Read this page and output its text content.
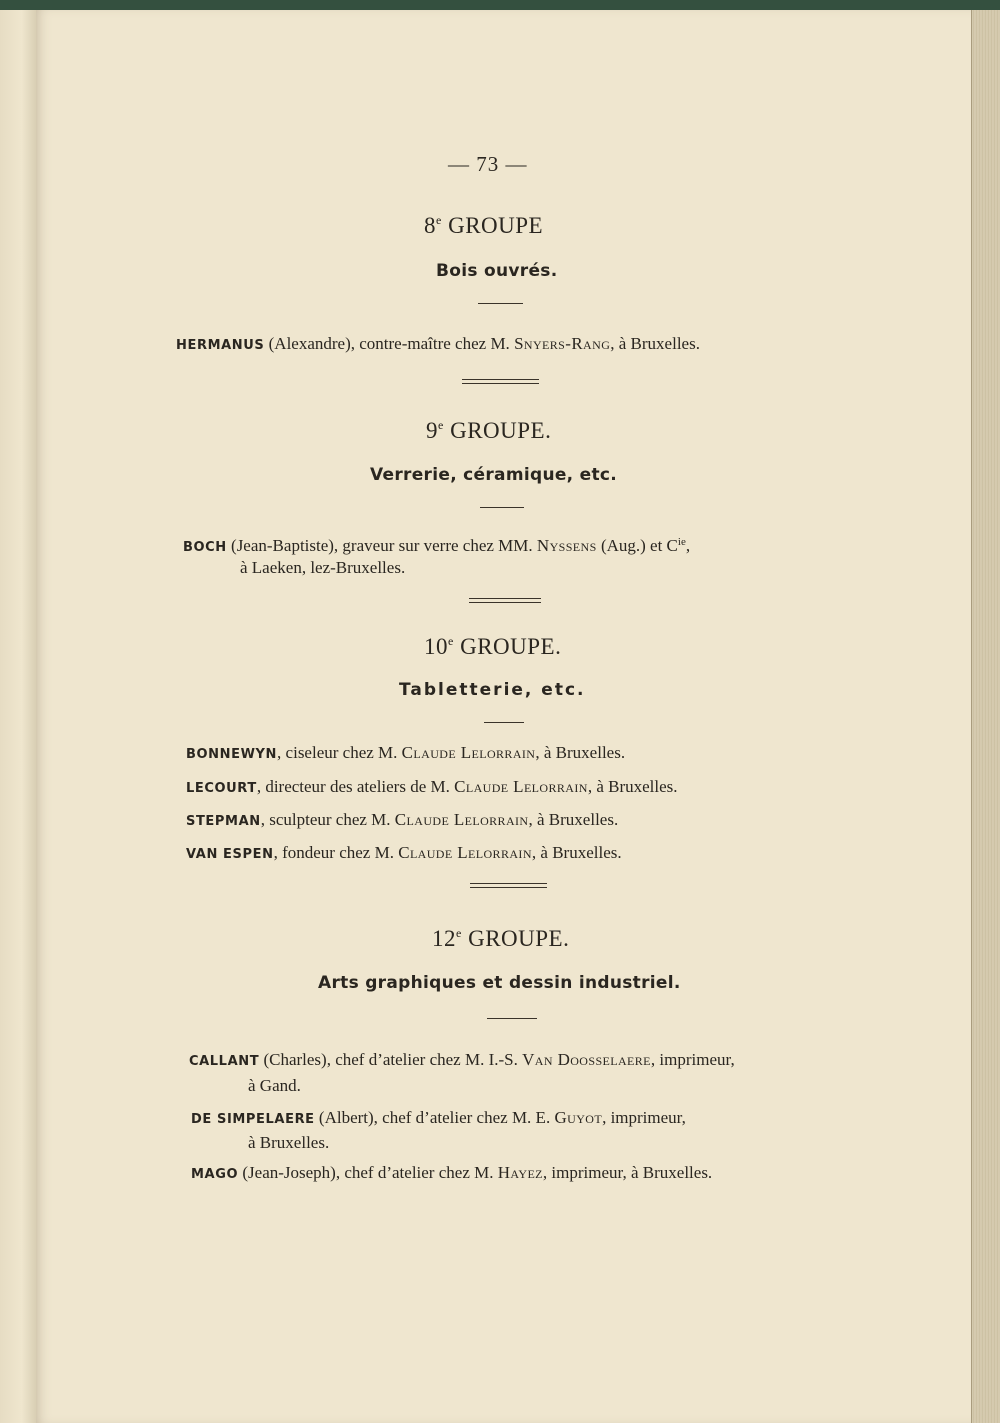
— 73 —
8e GROUPE
Bois ouvrés.
HERMANUS (Alexandre), contre-maître chez M. Snyers-Rang, à Bruxelles.
9e GROUPE.
Verrerie, céramique, etc.
BOCH (Jean-Baptiste), graveur sur verre chez MM. Nyssens (Aug.) et $C^{ie}$,
à Laeken, lez-Bruxelles.
10e GROUPE.
Tabletterie, etc.
BONNEWYN, ciseleur chez M. Claude Lelorrain, à Bruxelles.
LECOURT, directeur des ateliers de M. Claude Lelorrain, à Bruxelles.
STEPMAN, sculpteur chez M. Claude Lelorrain, à Bruxelles.
VAN ESPEN, fondeur chez M. Claude Lelorrain, à Bruxelles.
12e GROUPE.
Arts graphiques et dessin industriel.
CALLANT (Charles), chef d’atelier chez M. I.-S. Van Doosselaere, imprimeur,
à Gand.
DE SIMPELAERE (Albert), chef d’atelier chez M. E. Guyot, imprimeur,
à Bruxelles.
MAGO (Jean-Joseph), chef d’atelier chez M. Hayez, imprimeur, à Bruxelles.
